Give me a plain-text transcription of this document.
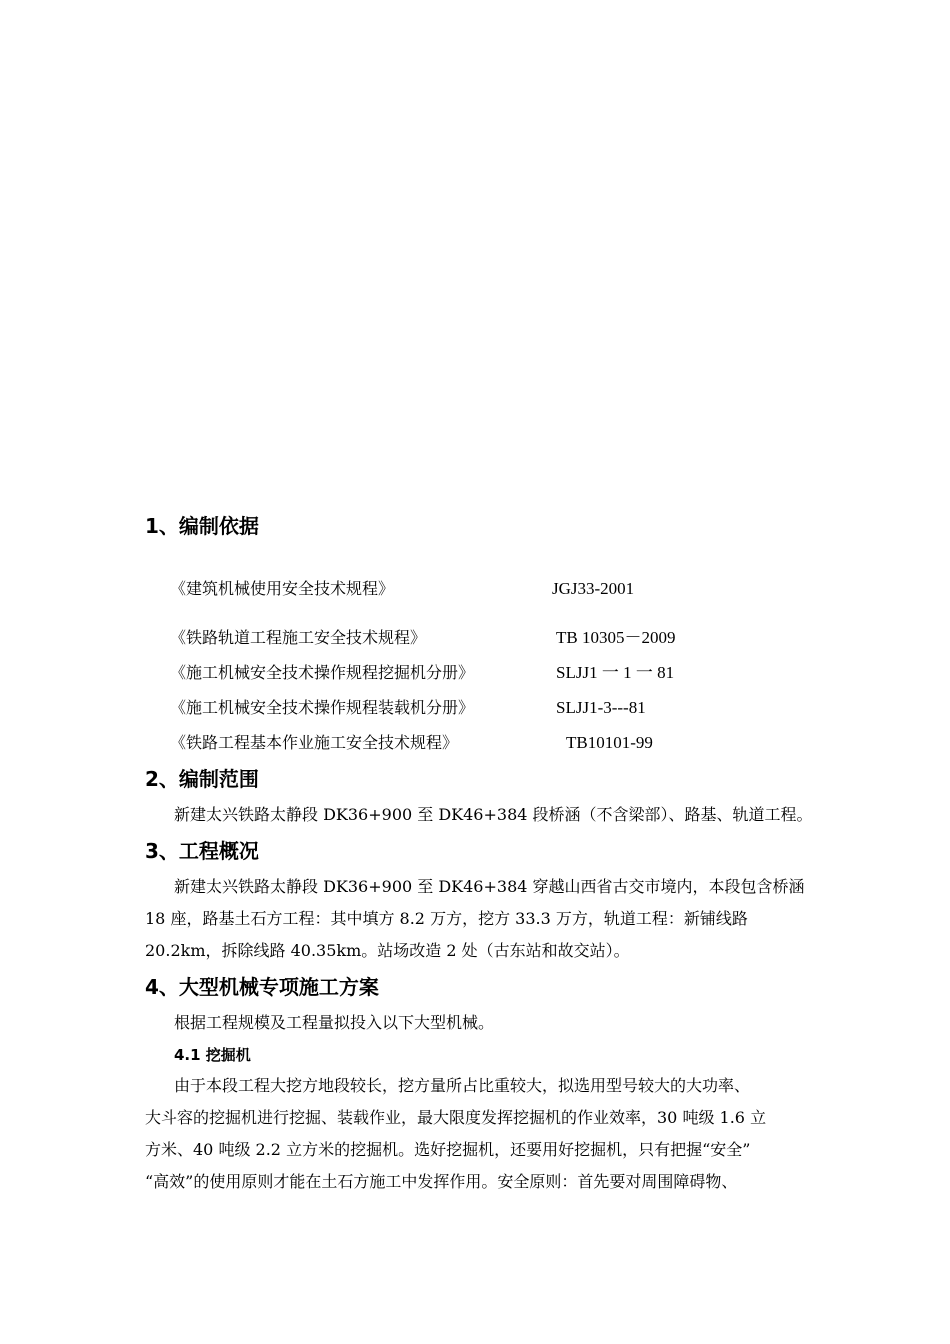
1、编制依据
《建筑机械使用安全技术规程》	JGJ33-2001
《铁路轨道工程施工安全技术规程》	TB 10305－2009
《施工机械安全技术操作规程挖掘机分册》	SLJJ1 一 1 一 81
《施工机械安全技术操作规程装载机分册》	SLJJ1-3---81
《铁路工程基本作业施工安全技术规程》	TB10101-99
2、编制范围
新建太兴铁路太静段 DK36+900 至 DK46+384 段桥涵（不含梁部）、路基、轨道工程。
3、工程概况
新建太兴铁路太静段 DK36+900 至 DK46+384 穿越山西省古交市境内，本段包含桥涵
18 座，路基土石方工程：其中填方 8.2 万方，挖方 33.3 万方，轨道工程：新铺线路
20.2km，拆除线路 40.35km。站场改造 2 处（古东站和故交站）。
4、大型机械专项施工方案
根据工程规模及工程量拟投入以下大型机械。
4.1 挖掘机
由于本段工程大挖方地段较长，挖方量所占比重较大，拟选用型号较大的大功率、
大斗容的挖掘机进行挖掘、装载作业，最大限度发挥挖掘机的作业效率，30 吨级 1.6 立
方米、40 吨级 2.2 立方米的挖掘机。选好挖掘机，还要用好挖掘机，只有把握“安全”
“高效”的使用原则才能在土石方施工中发挥作用。安全原则：首先要对周围障碍物、
